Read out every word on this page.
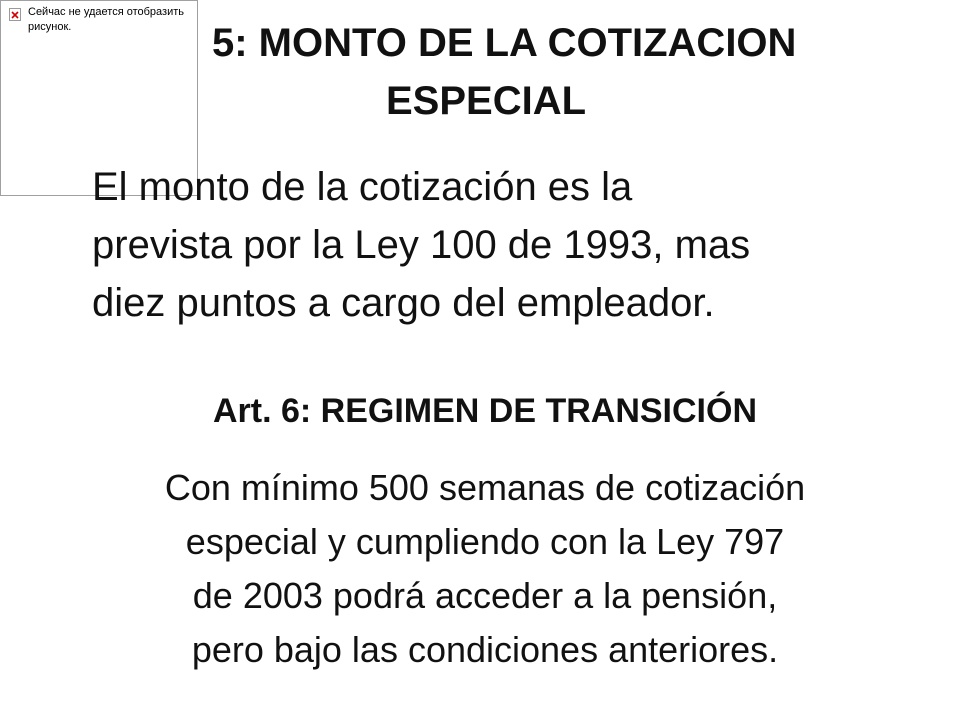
Сейчас не удается отобразить рисунок.	5: MONTO DE LA COTIZACION
ESPECIAL
El monto de la cotización es la
prevista por la Ley 100 de 1993, mas
diez puntos a cargo del empleador.
Art. 6: REGIMEN DE TRANSICIÓN
Con mínimo 500 semanas de cotización
especial y cumpliendo con la Ley 797
de 2003 podrá acceder a la pensión,
pero bajo las condiciones anteriores.
